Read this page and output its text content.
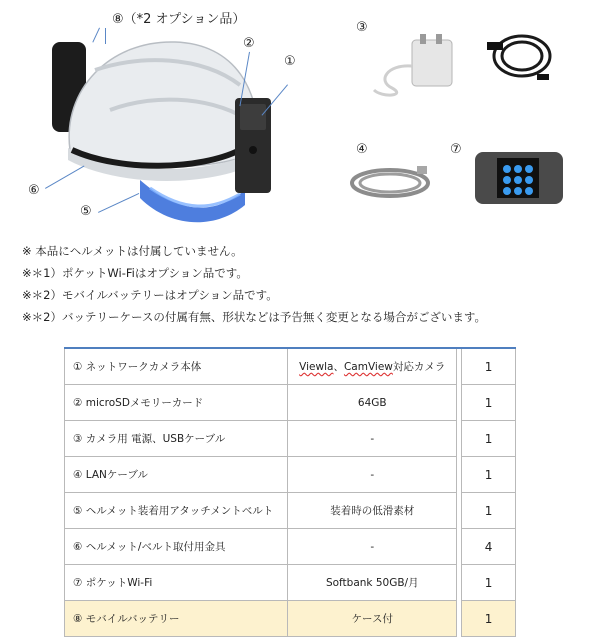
⑧（*2 オプション品）
②
①
⑥
⑤
③
④	⑦
※ 本品にヘルメットは付属していません。
※＊1）ポケットWi-Fiはオプション品です。
※＊2）モバイルバッテリーはオプション品です。
※＊2）バッテリーケースの付属有無、形状などは予告無く変更となる場合がございます。
① ネットワークカメラ本体	Viewla、CamView対応カメラ		1
② microSDメモリーカード	64GB		1
③ カメラ用 電源、USBケーブル	-		1
④ LANケーブル	-		1
⑤ ヘルメット装着用アタッチメントベルト	装着時の低滑素材		1
⑥ ヘルメット/ベルト取付用金具	-		4
⑦ ポケットWi-Fi	Softbank 50GB/月		1
⑧ モバイルバッテリー	ケース付		1
